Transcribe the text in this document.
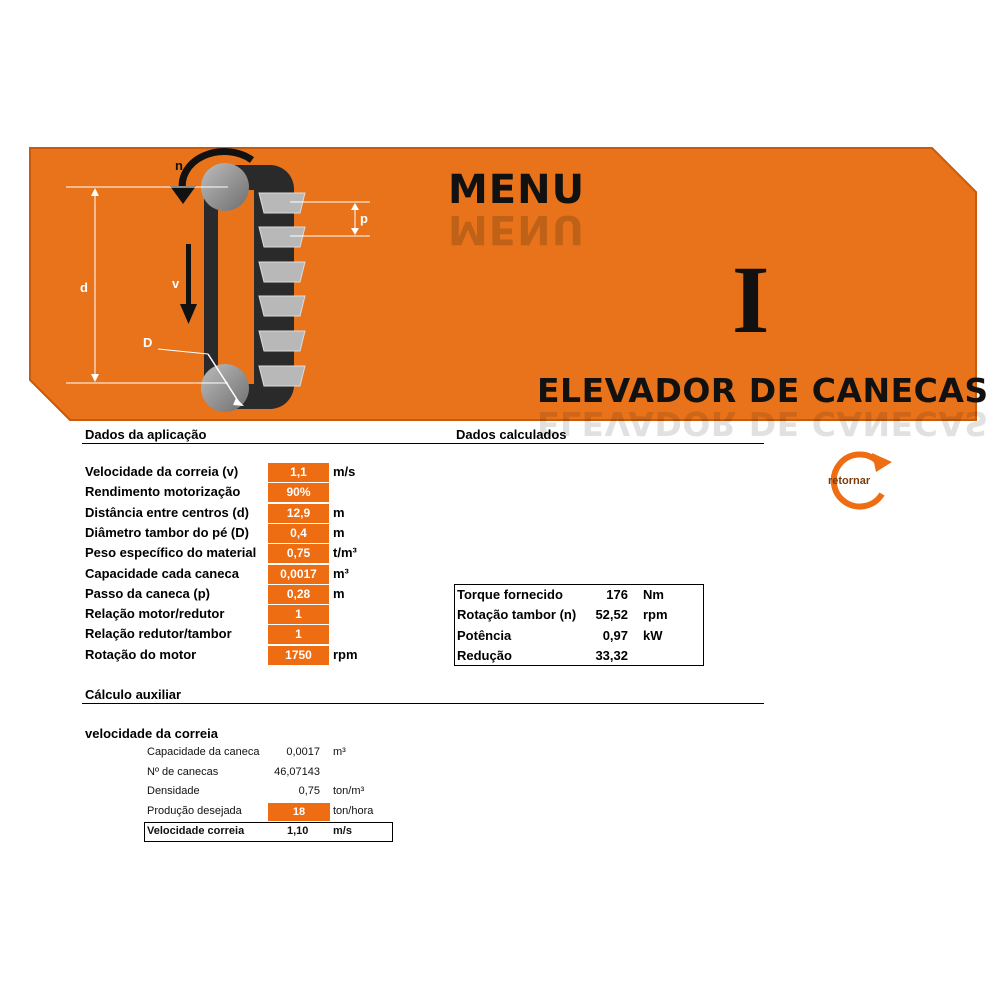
n
d	v
D
p
MENU
MENU
I
ELEVADOR DE CANECAS
ELEVADOR DE CANECAS
Dados da aplicação	Dados calculados
Velocidade da correia (v)	1,1	m/s
Rendimento motorização	90%
Distância entre centros (d)	12,9	m
Diâmetro tambor do pé (D)	0,4	m
Peso específico do material	0,75	t/m³
Capacidade cada caneca	0,0017	m³
Passo da caneca (p)	0,28	m
Relação motor/redutor	1
Relação redutor/tambor	1
Rotação do motor	1750	rpm
Torque fornecido	176 Nm
Rotação tambor (n)	52,52 rpm
Potência	0,97 kW
Redução	33,32
Cálculo auxiliar
velocidade da correia
Capacidade da caneca	0,0017 m³
Nº de canecas	46,07143
Densidade	0,75 ton/m³
Produção desejada	18	ton/hora
Velocidade correia	1,10 m/s
retornar
